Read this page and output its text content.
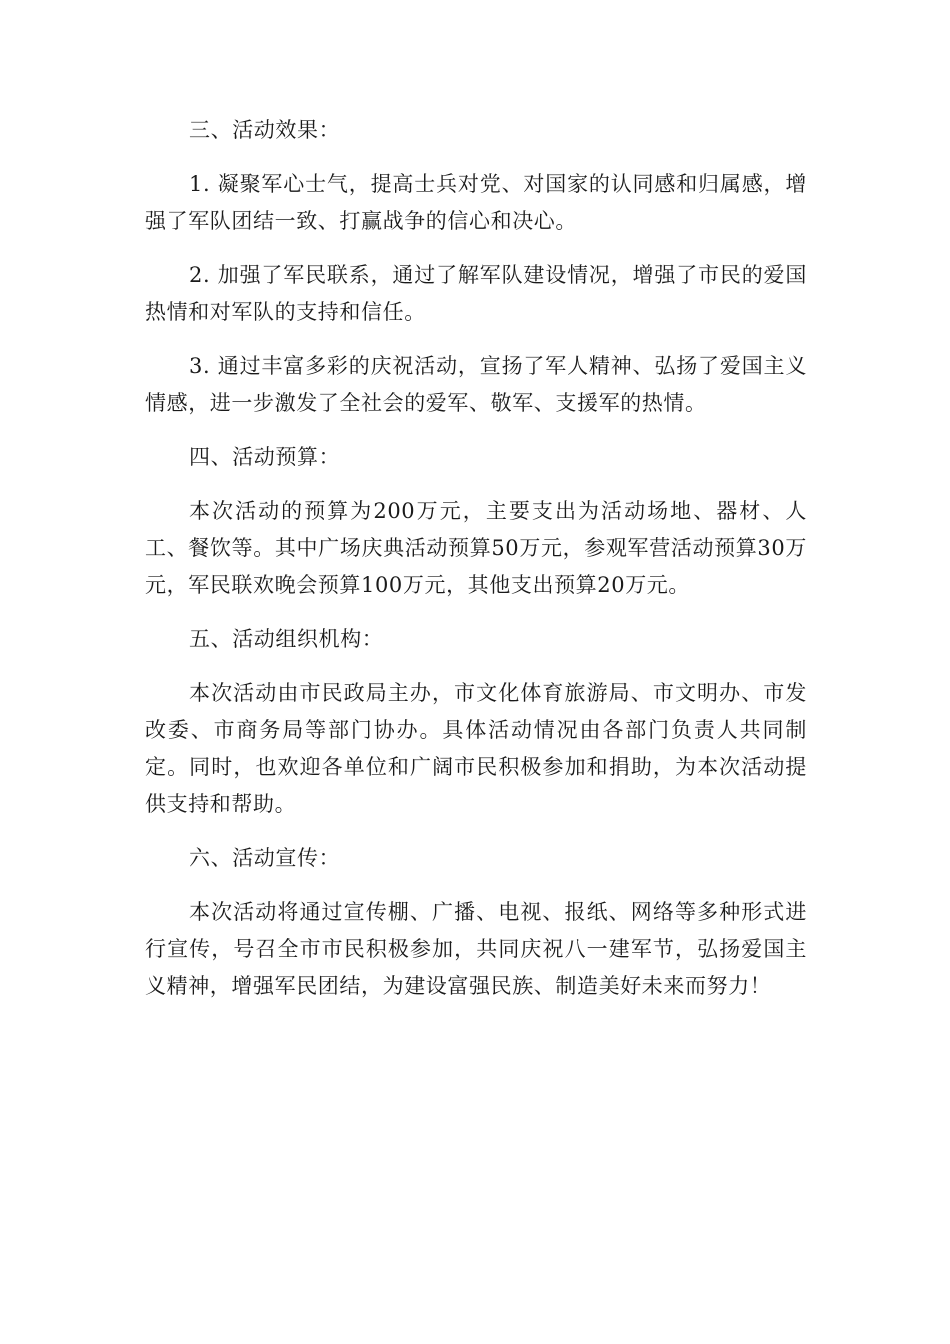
三、活动效果：
1. 凝聚军心士气，提高士兵对党、对国家的认同感和归属感，增强了军队团结一致、打赢战争的信心和决心。
2. 加强了军民联系，通过了解军队建设情况，增强了市民的爱国热情和对军队的支持和信任。
3. 通过丰富多彩的庆祝活动，宣扬了军人精神、弘扬了爱国主义情感，进一步激发了全社会的爱军、敬军、支援军的热情。
四、活动预算：
本次活动的预算为200万元，主要支出为活动场地、器材、人工、餐饮等。其中广场庆典活动预算50万元，参观军营活动预算30万元，军民联欢晚会预算100万元，其他支出预算20万元。
五、活动组织机构：
本次活动由市民政局主办，市文化体育旅游局、市文明办、市发改委、市商务局等部门协办。具体活动情况由各部门负责人共同制定。同时，也欢迎各单位和广阔市民积极参加和捐助，为本次活动提供支持和帮助。
六、活动宣传：
本次活动将通过宣传棚、广播、电视、报纸、网络等多种形式进行宣传，号召全市市民积极参加，共同庆祝八一建军节，弘扬爱国主义精神，增强军民团结，为建设富强民族、制造美好未来而努力！
